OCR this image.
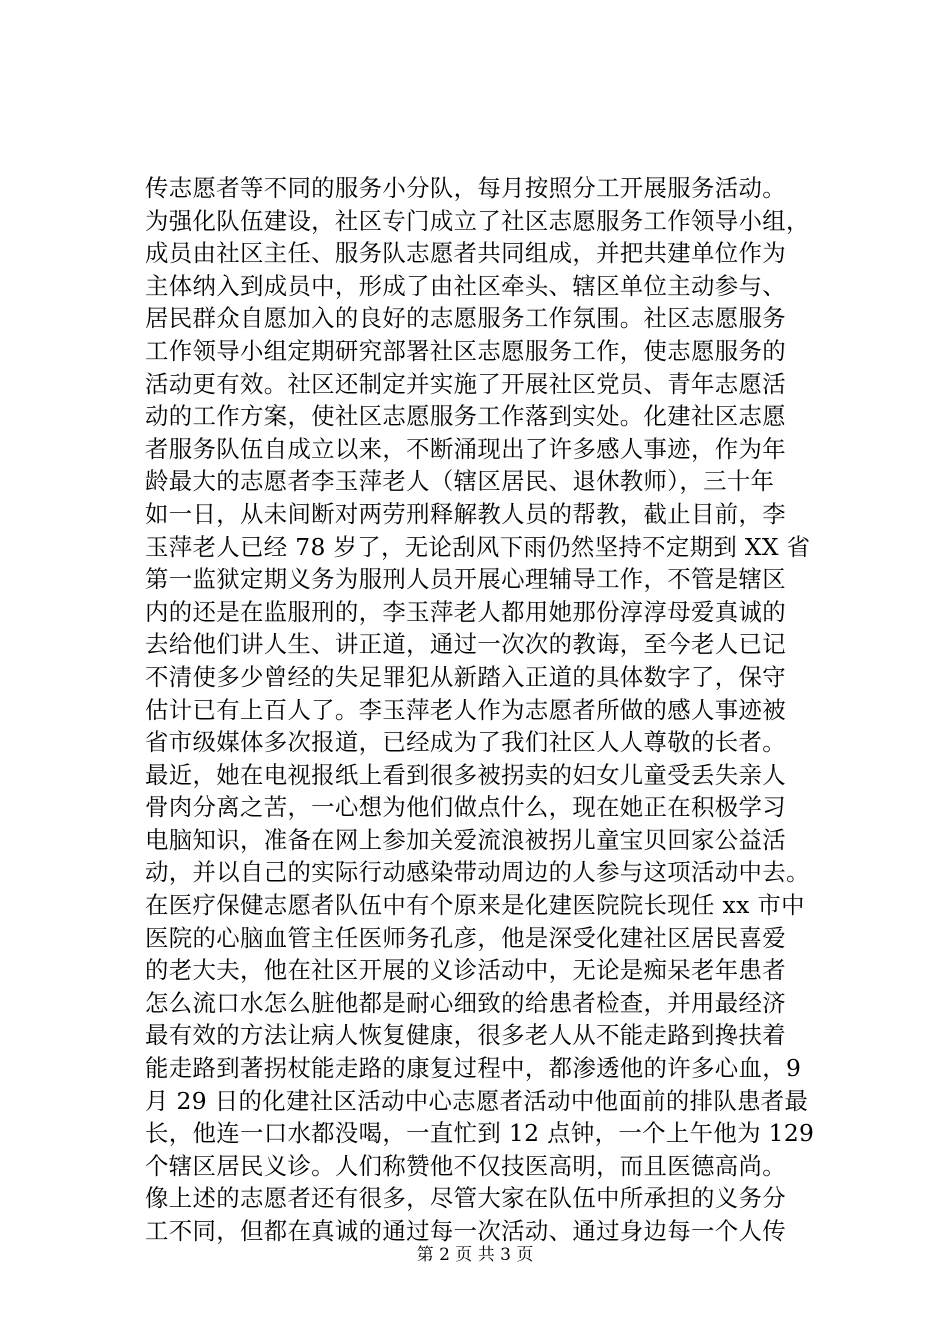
传志愿者等不同的服务小分队，每月按照分工开展服务活动。
为强化队伍建设，社区专门成立了社区志愿服务工作领导小组，
成员由社区主任、服务队志愿者共同组成，并把共建单位作为
主体纳入到成员中，形成了由社区牵头、辖区单位主动参与、
居民群众自愿加入的良好的志愿服务工作氛围。社区志愿服务
工作领导小组定期研究部署社区志愿服务工作，使志愿服务的
活动更有效。社区还制定并实施了开展社区党员、青年志愿活
动的工作方案，使社区志愿服务工作落到实处。化建社区志愿
者服务队伍自成立以来，不断涌现出了许多感人事迹，作为年
龄最大的志愿者李玉萍老人（辖区居民、退休教师），三十年
如一日，从未间断对两劳刑释解教人员的帮教，截止目前，李
玉萍老人已经 78 岁了，无论刮风下雨仍然坚持不定期到 XX 省
第一监狱定期义务为服刑人员开展心理辅导工作，不管是辖区
内的还是在监服刑的，李玉萍老人都用她那份淳淳母爱真诚的
去给他们讲人生、讲正道，通过一次次的教诲，至今老人已记
不清使多少曾经的失足罪犯从新踏入正道的具体数字了，保守
估计已有上百人了。李玉萍老人作为志愿者所做的感人事迹被
省市级媒体多次报道，已经成为了我们社区人人尊敬的长者。
最近，她在电视报纸上看到很多被拐卖的妇女儿童受丢失亲人
骨肉分离之苦，一心想为他们做点什么，现在她正在积极学习
电脑知识，准备在网上参加关爱流浪被拐儿童宝贝回家公益活
动，并以自己的实际行动感染带动周边的人参与这项活动中去。
在医疗保健志愿者队伍中有个原来是化建医院院长现任 xx 市中
医院的心脑血管主任医师务孔彦，他是深受化建社区居民喜爱
的老大夫，他在社区开展的义诊活动中，无论是痴呆老年患者
怎么流口水怎么脏他都是耐心细致的给患者检查，并用最经济
最有效的方法让病人恢复健康，很多老人从不能走路到搀扶着
能走路到著拐杖能走路的康复过程中，都渗透他的许多心血，9
月 29 日的化建社区活动中心志愿者活动中他面前的排队患者最
长，他连一口水都没喝，一直忙到 12 点钟，一个上午他为 129
个辖区居民义诊。人们称赞他不仅技医高明，而且医德高尚。
像上述的志愿者还有很多，尽管大家在队伍中所承担的义务分
工不同，但都在真诚的通过每一次活动、通过身边每一个人传
第 2 页 共 3 页
